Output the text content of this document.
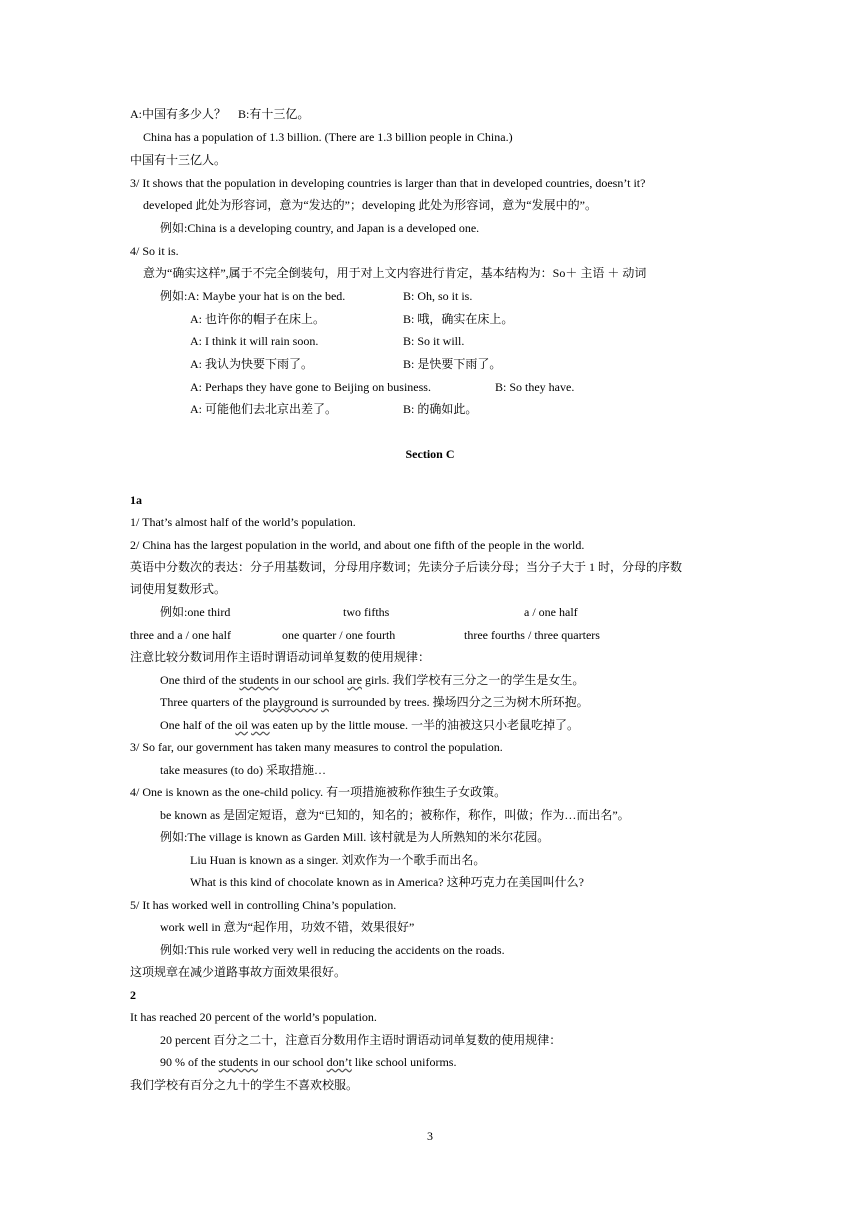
A:中国有多少人？　B:有十三亿。
China has a population of 1.3 billion. (There are 1.3 billion people in China.)
中国有十三亿人。
3/ It shows that the population in developing countries is larger than that in developed countries, doesn’t it?
developed 此处为形容词，意为“发达的”；developing 此处为形容词，意为“发展中的”。
例如:China is a developing country, and Japan is a developed one.
4/ So it is.
意为“确实这样”,属于不完全倒装句，用于对上文内容进行肯定，基本结构为：So＋ 主语 ＋ 动词
例如:A: Maybe your hat is on the bed.	B: Oh, so it is.
A: 也许你的帽子在床上。	B: 哦，确实在床上。
A: I think it will rain soon.	B: So it will.
A: 我认为快要下雨了。	B: 是快要下雨了。
A: Perhaps they have gone to Beijing on business.	B: So they have.
A: 可能他们去北京出差了。	B: 的确如此。
Section C
1a
1/ That’s almost half of the world’s population.
2/ China has the largest population in the world, and about one fifth of the people in the world.
英语中分数次的表达：分子用基数词，分母用序数词；先读分子后读分母；当分子大于 1 时，分母的序数
词使用复数形式。
例如:one third	two fifths	a / one half
three and a / one half	one quarter / one fourth	three fourths / three quarters
注意比较分数词用作主语时谓语动词单复数的使用规律：
One third of the students in our school are girls. 我们学校有三分之一的学生是女生。
Three quarters of the playground is surrounded by trees. 操场四分之三为树木所环抱。
One half of the oil was eaten up by the little mouse. 一半的油被这只小老鼠吃掉了。
3/ So far, our government has taken many measures to control the population.
take measures (to do) 采取措施…
4/ One is known as the one-child policy. 有一项措施被称作独生子女政策。
be known as 是固定短语，意为“已知的，知名的；被称作，称作，叫做；作为…而出名”。
例如:The village is known as Garden Mill. 该村就是为人所熟知的米尔花园。
Liu Huan is known as a singer. 刘欢作为一个歌手而出名。
What is this kind of chocolate known as in America? 这种巧克力在美国叫什么?
5/ It has worked well in controlling China’s population.
work well in 意为“起作用，功效不错，效果很好”
例如:This rule worked very well in reducing the accidents on the roads.
这项规章在减少道路事故方面效果很好。
2
It has reached 20 percent of the world’s population.
20 percent 百分之二十，注意百分数用作主语时谓语动词单复数的使用规律：
90 % of the students in our school don’t like school uniforms.
我们学校有百分之九十的学生不喜欢校服。
3
